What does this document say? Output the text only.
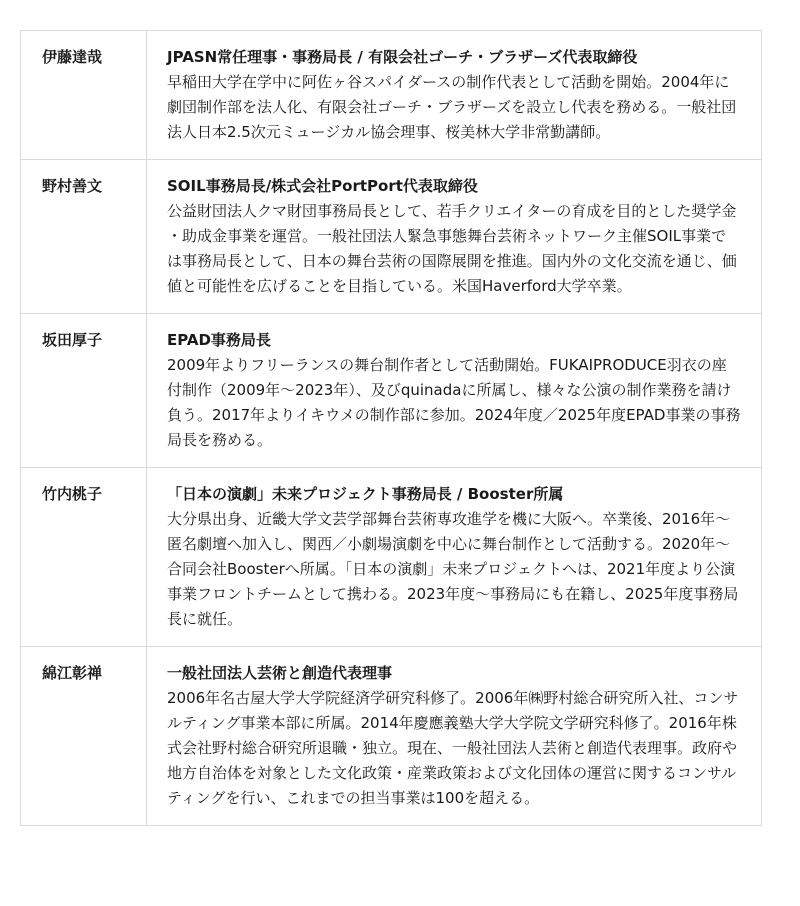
伊藤達哉	JPASN常任理事・事務局長 / 有限会社ゴーチ・ブラザーズ代表取締役
早稲田大学在学中に阿佐ヶ谷スパイダースの制作代表として活動を開始。2004年に劇団制作部を法人化、有限会社ゴーチ・ブラザーズを設立し代表を務める。一般社団法人日本2.5次元ミュージカル協会理事、桜美林大学非常勤講師。

野村善文	SOIL事務局長/株式会社PortPort代表取締役
公益財団法人クマ財団事務局長として、若手クリエイターの育成を目的とした奨学金・助成金事業を運営。一般社団法人緊急事態舞台芸術ネットワーク主催SOIL事業では事務局長として、日本の舞台芸術の国際展開を推進。国内外の文化交流を通じ、価値と可能性を広げることを目指している。米国Haverford大学卒業。

坂田厚子	EPAD事務局長
2009年よりフリーランスの舞台制作者として活動開始。FUKAIPRODUCE羽衣の座付制作（2009年〜2023年）、及びquinadaに所属し、様々な公演の制作業務を請け負う。2017年よりイキウメの制作部に参加。2024年度／2025年度EPAD事業の事務局長を務める。

竹内桃子	「日本の演劇」未来プロジェクト事務局長 / Booster所属
大分県出身、近畿大学文芸学部舞台芸術専攻進学を機に大阪へ。卒業後、2016年〜匿名劇壇へ加入し、関西／小劇場演劇を中心に舞台制作として活動する。2020年〜合同会社Boosterへ所属。「日本の演劇」未来プロジェクトへは、2021年度より公演事業フロントチームとして携わる。2023年度〜事務局にも在籍し、2025年度事務局長に就任。

綿江彰禅	一般社団法人芸術と創造代表理事
2006年名古屋大学大学院経済学研究科修了。2006年㈱野村総合研究所入社、コンサルティング事業本部に所属。2014年慶應義塾大学大学院文学研究科修了。2016年株式会社野村総合研究所退職・独立。現在、一般社団法人芸術と創造代表理事。政府や地方自治体を対象とした文化政策・産業政策および文化団体の運営に関するコンサルティングを行い、これまでの担当事業は100を超える。
